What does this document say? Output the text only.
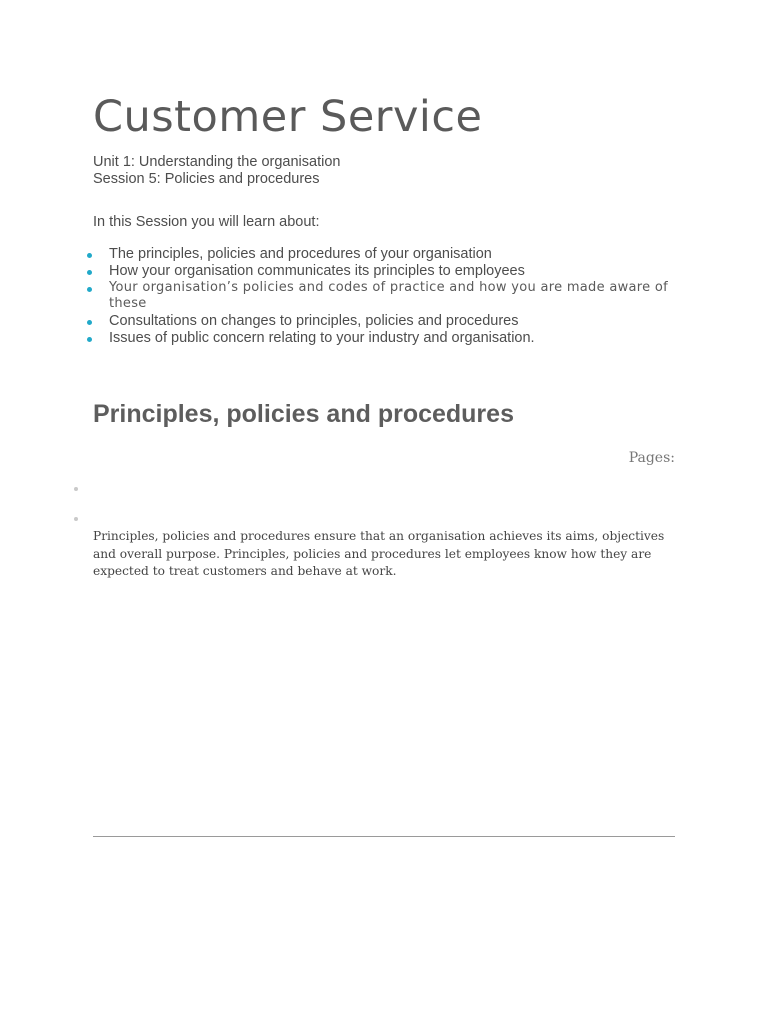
Customer Service
Unit 1: Understanding the organisation
Session 5: Policies and procedures
In this Session you will learn about:
The principles, policies and procedures of your organisation
How your organisation communicates its principles to employees
Your organisation’s policies and codes of practice and how you are made aware of these
Consultations on changes to principles, policies and procedures
Issues of public concern relating to your industry and organisation.
Principles, policies and procedures
Pages:

Principles, policies and procedures ensure that an organisation achieves its aims, objectives and overall purpose. Principles, policies and procedures let employees know how they are expected to treat customers and behave at work.
